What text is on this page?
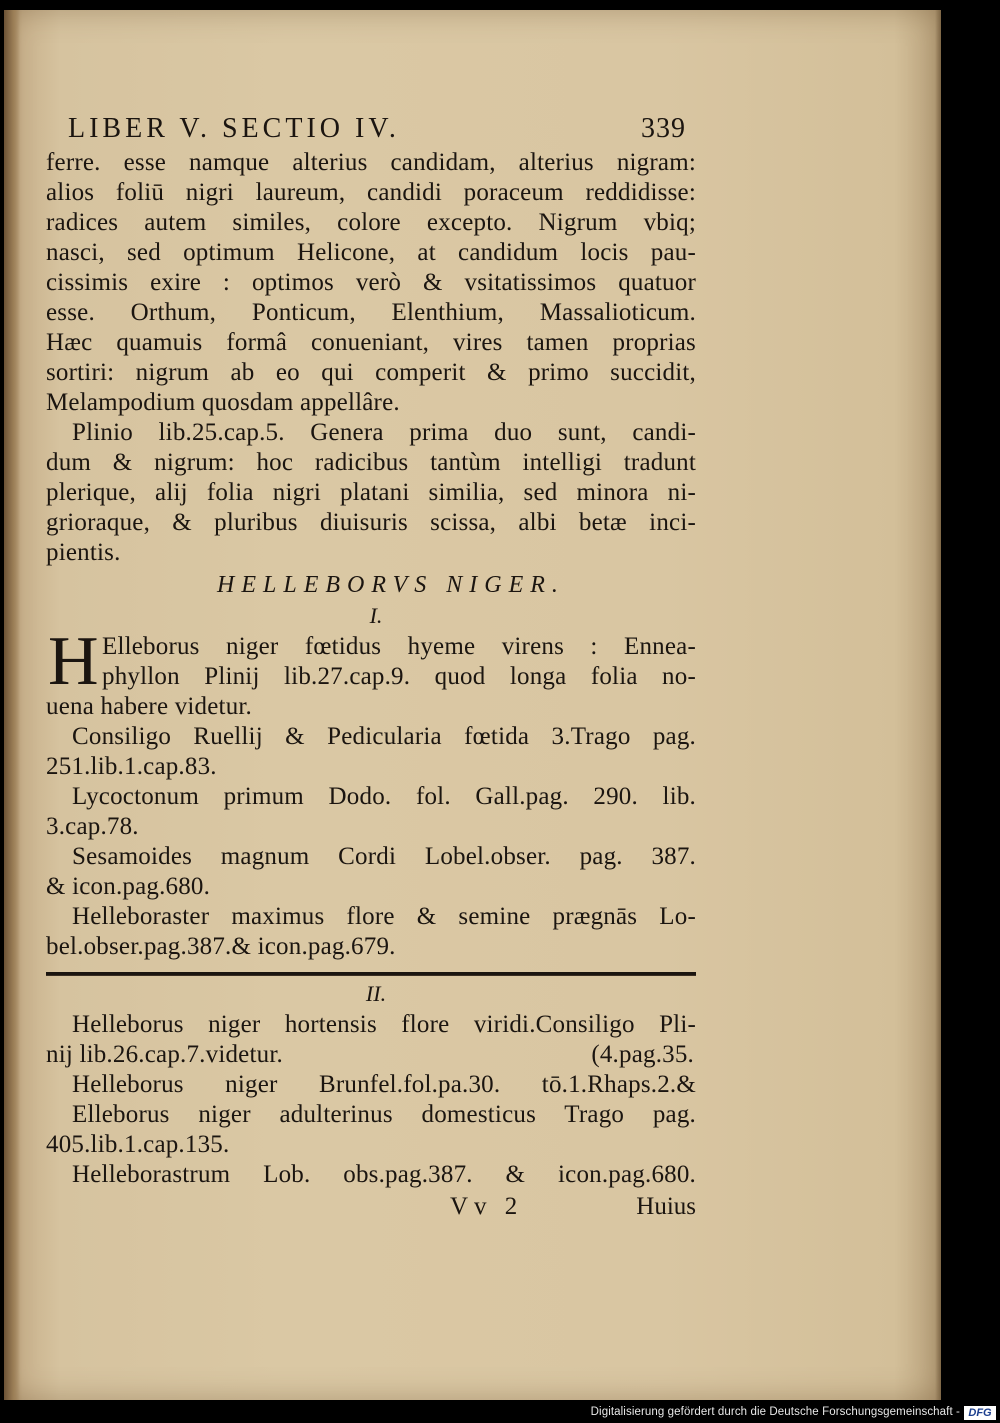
LIBER V. SECTIO IV.	339
ferre. esse namque alterius candidam, alterius nigram:
alios foliū nigri laureum, candidi poraceum reddidisse:
radices autem similes, colore excepto. Nigrum vbiq;
nasci, sed optimum Helicone, at candidum locis pau-
cissimis exire : optimos verò & vsitatissimos quatuor
esse. Orthum, Ponticum, Elenthium, Massalioticum.
Hæc quamuis formâ conueniant, vires tamen proprias
sortiri: nigrum ab eo qui comperit & primo succidit,
Melampodium quosdam appellâre.
Plinio lib.25.cap.5. Genera prima duo sunt, candi-
dum & nigrum: hoc radicibus tantùm intelligi tradunt
plerique, alij folia nigri platani similia, sed minora ni-
grioraque, & pluribus diuisuris scissa, albi betæ inci-
pientis.
HELLEBORVS NIGER.
I.
H Elleborus niger fœtidus hyeme virens : Ennea-
phyllon Plinij lib.27.cap.9. quod longa folia no-
uena habere videtur.
Consiligo Ruellij & Pedicularia fœtida 3.Trago pag.
251.lib.1.cap.83.
Lycoctonum primum Dodo. fol. Gall.pag. 290. lib.
3.cap.78.
Sesamoides magnum Cordi Lobel.obser. pag. 387.
& icon.pag.680.
Helleboraster maximus flore & semine prægnās Lo-
bel.obser.pag.387.& icon.pag.679.
II.
Helleborus niger hortensis flore viridi.Consiligo Pli-
nij lib.26.cap.7.videtur.	(4.pag.35.
Helleborus niger Brunfel.fol.pa.30. tō.1.Rhaps.2.&
Elleborus niger adulterinus domesticus Trago pag.
405.lib.1.cap.135.
Helleborastrum Lob. obs.pag.387. & icon.pag.680.
Vv 2	Huius
Digitalisierung gefördert durch die Deutsche Forschungsgemeinschaft - DFG
